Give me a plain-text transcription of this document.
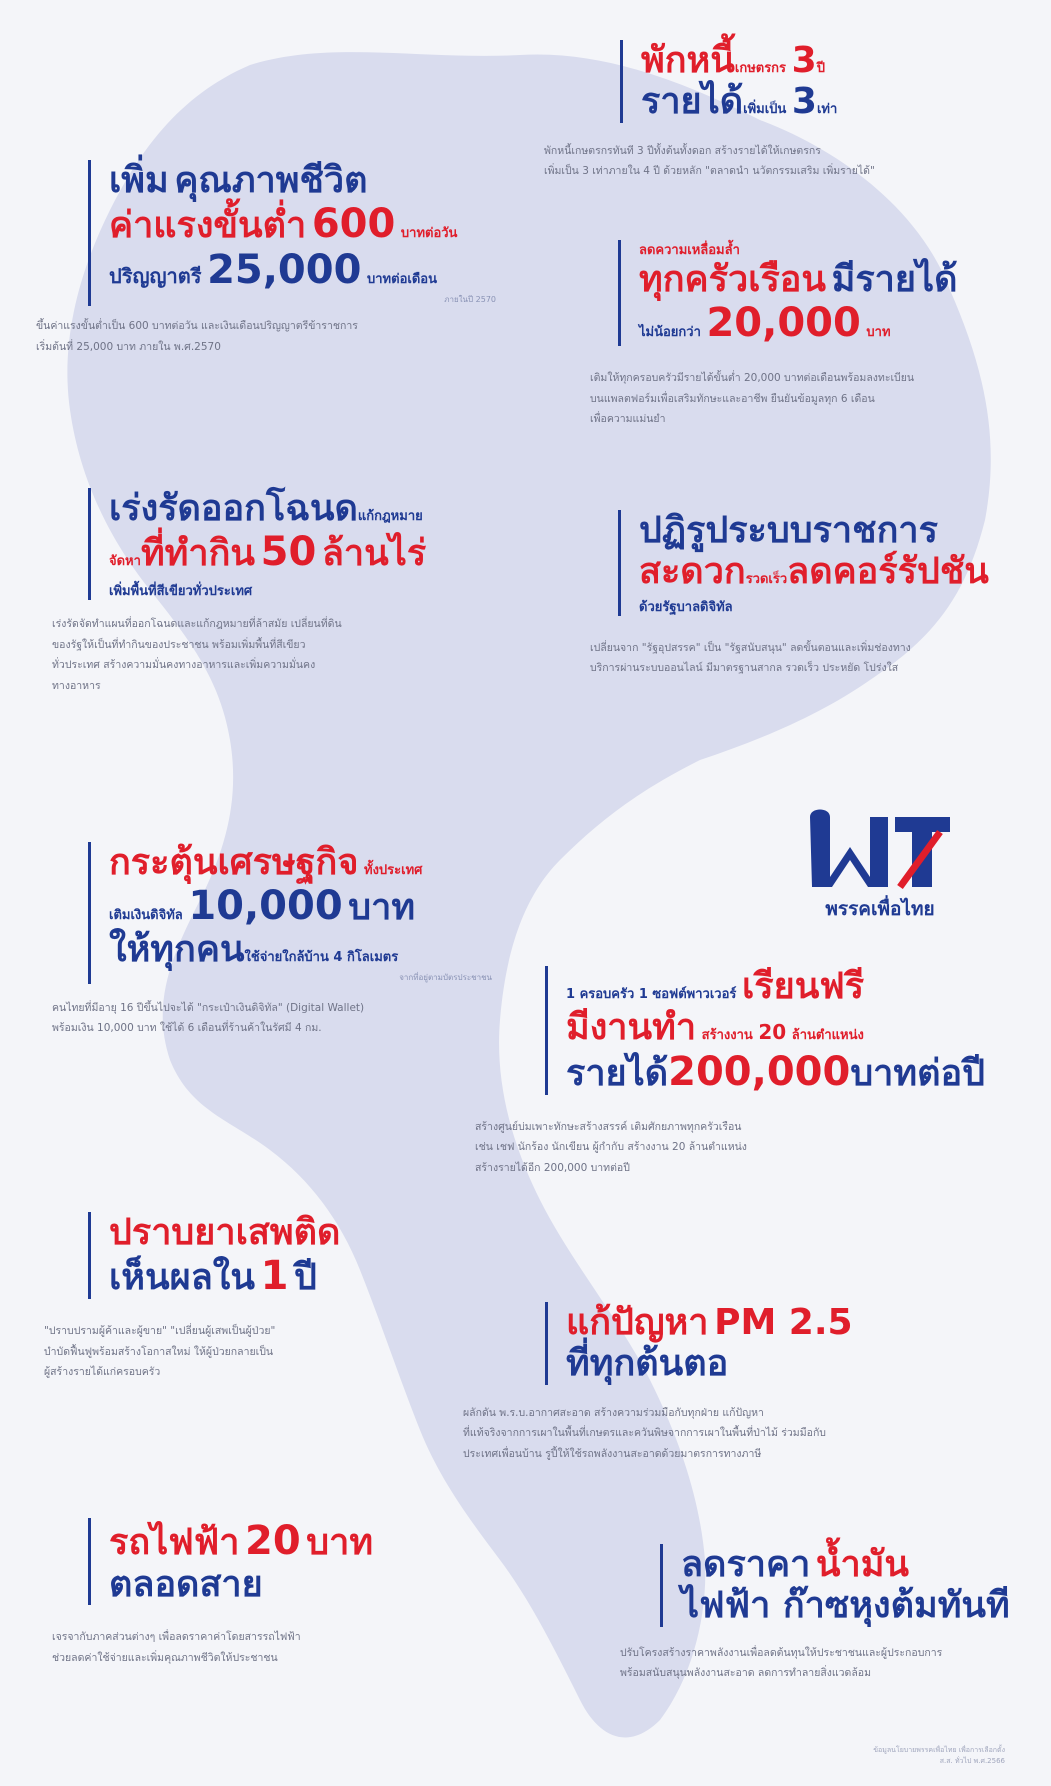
พักหนี้เกษตรกร 3ปี
รายได้เพิ่มเป็น 3เท่า
พักหนี้เกษตรกรทันที 3 ปีทั้งต้นทั้งดอก สร้างรายได้ให้เกษตรกร
เพิ่มเป็น 3 เท่าภายใน 4 ปี ด้วยหลัก "ตลาดนำ นวัตกรรมเสริม เพิ่มรายได้"
เพิ่ม คุณภาพชีวิต
ค่าแรงขั้นต่ำ 600 บาทต่อวัน
ปริญญาตรี 25,000 บาทต่อเดือน
ภายในปี 2570
ขึ้นค่าแรงขั้นต่ำเป็น 600 บาทต่อวัน และเงินเดือนปริญญาตรีข้าราชการ
เริ่มต้นที่ 25,000 บาท ภายใน พ.ศ.2570
ลดความเหลื่อมล้ำ
ทุกครัวเรือน มีรายได้
ไม่น้อยกว่า 20,000 บาท
เติมให้ทุกครอบครัวมีรายได้ขั้นต่ำ 20,000 บาทต่อเดือนพร้อมลงทะเบียน
บนแพลตฟอร์มเพื่อเสริมทักษะและอาชีพ ยืนยันข้อมูลทุก 6 เดือน
เพื่อความแม่นยำ
เร่งรัดออกโฉนดแก้กฎหมาย
จัดหาที่ทำกิน 50 ล้านไร่
เพิ่มพื้นที่สีเขียวทั่วประเทศ
เร่งรัดจัดทำแผนที่ออกโฉนดและแก้กฎหมายที่ล้าสมัย เปลี่ยนที่ดิน
ของรัฐให้เป็นที่ทำกินของประชาชน พร้อมเพิ่มพื้นที่สีเขียว
ทั่วประเทศ สร้างความมั่นคงทางอาหารและเพิ่มความมั่นคง
ทางอาหาร
ปฏิรูประบบราชการ
สะดวกรวดเร็วลดคอร์รัปชัน
ด้วยรัฐบาลดิจิทัล
เปลี่ยนจาก "รัฐอุปสรรค" เป็น "รัฐสนับสนุน" ลดขั้นตอนและเพิ่มช่องทาง
บริการผ่านระบบออนไลน์ มีมาตรฐานสากล รวดเร็ว ประหยัด โปร่งใส
กระตุ้นเศรษฐกิจ ทั้งประเทศ
เติมเงินดิจิทัล 10,000 บาท
ให้ทุกคนใช้จ่ายใกล้บ้าน 4 กิโลเมตร
จากที่อยู่ตามบัตรประชาชน
คนไทยที่มีอายุ 16 ปีขึ้นไปจะได้ "กระเป๋าเงินดิจิทัล" (Digital Wallet)
พร้อมเงิน 10,000 บาท ใช้ได้ 6 เดือนที่ร้านค้าในรัศมี 4 กม.
พรรคเพื่อไทย
1 ครอบครัว 1 ซอฟต์พาวเวอร์ เรียนฟรี
มีงานทำ สร้างงาน 20 ล้านตำแหน่ง
รายได้200,000บาทต่อปี
สร้างศูนย์บ่มเพาะทักษะสร้างสรรค์ เติมศักยภาพทุกครัวเรือน
เช่น เชฟ นักร้อง นักเขียน ผู้กำกับ สร้างงาน 20 ล้านตำแหน่ง
สร้างรายได้อีก 200,000 บาทต่อปี
ปราบยาเสพติด
เห็นผลใน 1 ปี
"ปราบปรามผู้ค้าและผู้ขาย" "เปลี่ยนผู้เสพเป็นผู้ป่วย"
บำบัดฟื้นฟูพร้อมสร้างโอกาสใหม่ ให้ผู้ป่วยกลายเป็น
ผู้สร้างรายได้แก่ครอบครัว
แก้ปัญหา PM 2.5
ที่ทุกต้นตอ
ผลักดัน พ.ร.บ.อากาศสะอาด สร้างความร่วมมือกับทุกฝ่าย แก้ปัญหา
ที่แท้จริงจากการเผาในพื้นที่เกษตรและควันพิษจากการเผาในพื้นที่ป่าไม้ ร่วมมือกับ
ประเทศเพื่อนบ้าน รูปี้ให้ใช้รถพลังงานสะอาดด้วยมาตรการทางภาษี
รถไฟฟ้า 20 บาท
ตลอดสาย
เจรจากับภาคส่วนต่างๆ เพื่อลดราคาค่าโดยสารรถไฟฟ้า
ช่วยลดค่าใช้จ่ายและเพิ่มคุณภาพชีวิตให้ประชาชน
ลดราคา น้ำมัน
ไฟฟ้า ก๊าซหุงต้มทันที
ปรับโครงสร้างราคาพลังงานเพื่อลดต้นทุนให้ประชาชนและผู้ประกอบการ
พร้อมสนับสนุนพลังงานสะอาด ลดการทำลายสิ่งแวดล้อม
ข้อมูลนโยบายพรรคเพื่อไทย เพื่อการเลือกตั้ง
ส.ส. ทั่วไป พ.ศ.2566
